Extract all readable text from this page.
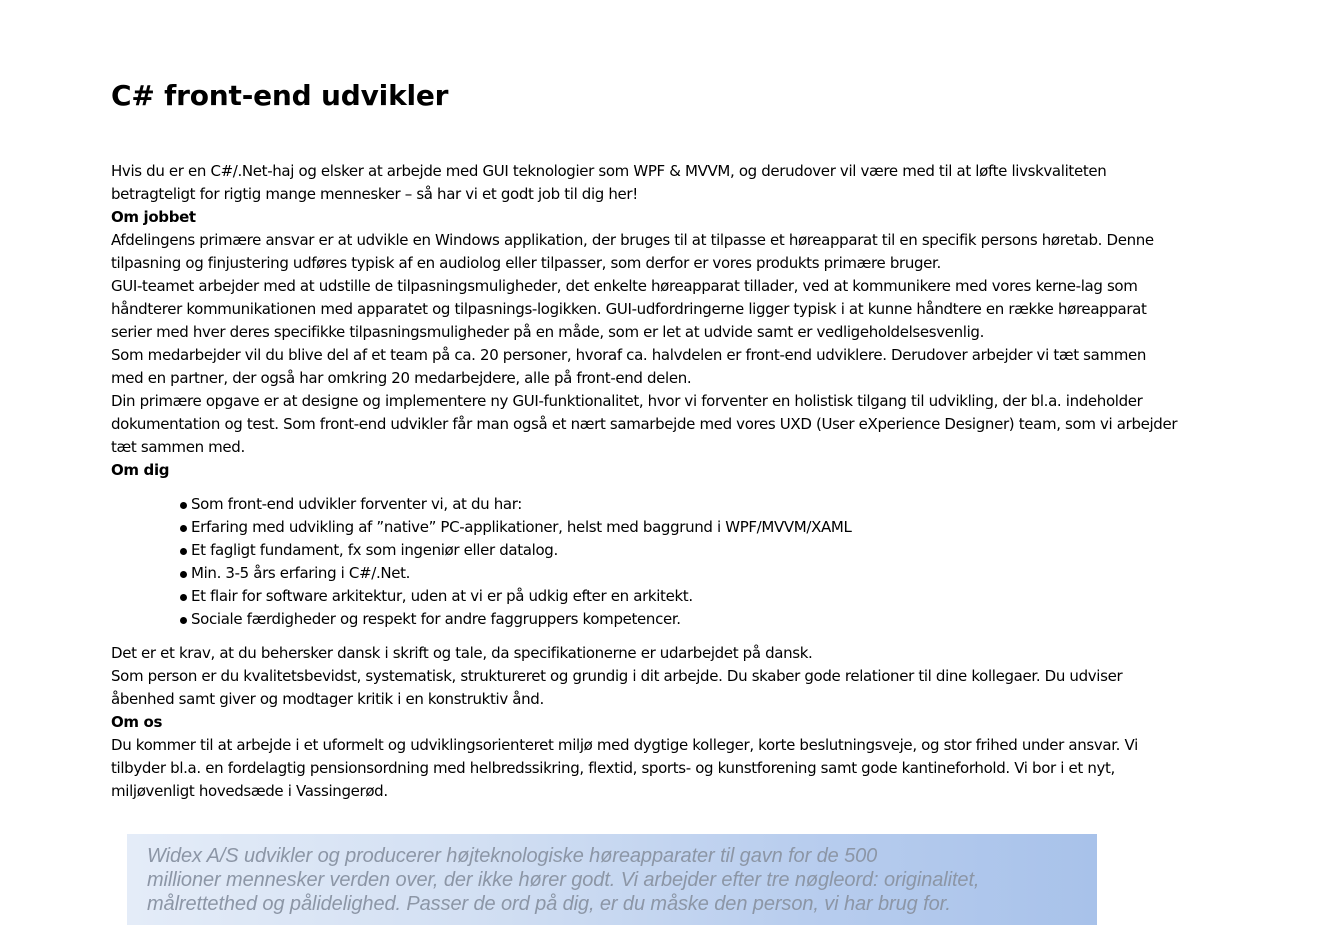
C# front-end udvikler

Hvis du er en C#/.Net-haj og elsker at arbejde med GUI teknologier som WPF & MVVM, og derudover vil være med til at løfte livskvaliteten betragteligt for rigtig mange mennesker – så har vi et godt job til dig her!

Om jobbet

Afdelingens primære ansvar er at udvikle en Windows applikation, der bruges til at tilpasse et høreapparat til en specifik persons høretab. Denne tilpasning og finjustering udføres typisk af en audiolog eller tilpasser, som derfor er vores produkts primære bruger.

GUI-teamet arbejder med at udstille de tilpasningsmuligheder, det enkelte høreapparat tillader, ved at kommunikere med vores kerne-lag som håndterer kommunikationen med apparatet og tilpasnings-logikken. GUI-udfordringerne ligger typisk i at kunne håndtere en række høreapparat serier med hver deres specifikke tilpasningsmuligheder på en måde, som er let at udvide samt er vedligeholdelsesvenlig.

Som medarbejder vil du blive del af et team på ca. 20 personer, hvoraf ca. halvdelen er front-end udviklere. Derudover arbejder vi tæt sammen med en partner, der også har omkring 20 medarbejdere, alle på front-end delen.

Din primære opgave er at designe og implementere ny GUI-funktionalitet, hvor vi forventer en holistisk tilgang til udvikling, der bl.a. indeholder dokumentation og test. Som front-end udvikler får man også et nært samarbejde med vores UXD (User eXperience Designer) team, som vi arbejder tæt sammen med.

Om dig

Som front-end udvikler forventer vi, at du har:
Erfaring med udvikling af ”native” PC-applikationer, helst med baggrund i WPF/MVVM/XAML
Et fagligt fundament, fx som ingeniør eller datalog.
Min. 3-5 års erfaring i C#/.Net.
Et flair for software arkitektur, uden at vi er på udkig efter en arkitekt.
Sociale færdigheder og respekt for andre faggruppers kompetencer.

Det er et krav, at du behersker dansk i skrift og tale, da specifikationerne er udarbejdet på dansk.

Som person er du kvalitetsbevidst, systematisk, struktureret og grundig i dit arbejde. Du skaber gode relationer til dine kollegaer. Du udviser åbenhed samt giver og modtager kritik i en konstruktiv ånd.

Om os

Du kommer til at arbejde i et uformelt og udviklingsorienteret miljø med dygtige kolleger, korte beslutningsveje, og stor frihed under ansvar. Vi tilbyder bl.a. en fordelagtig pensionsordning med helbredssikring, flextid, sports- og kunstforening samt gode kantineforhold. Vi bor i et nyt, miljøvenligt hovedsæde i Vassingerød.

Widex A/S udvikler og producerer højteknologiske høreapparater til gavn for de 500
millioner mennesker verden over, der ikke hører godt. Vi arbejder efter tre nøgleord: originalitet,
målrettethed og pålidelighed. Passer de ord på dig, er du måske den person, vi har brug for.
